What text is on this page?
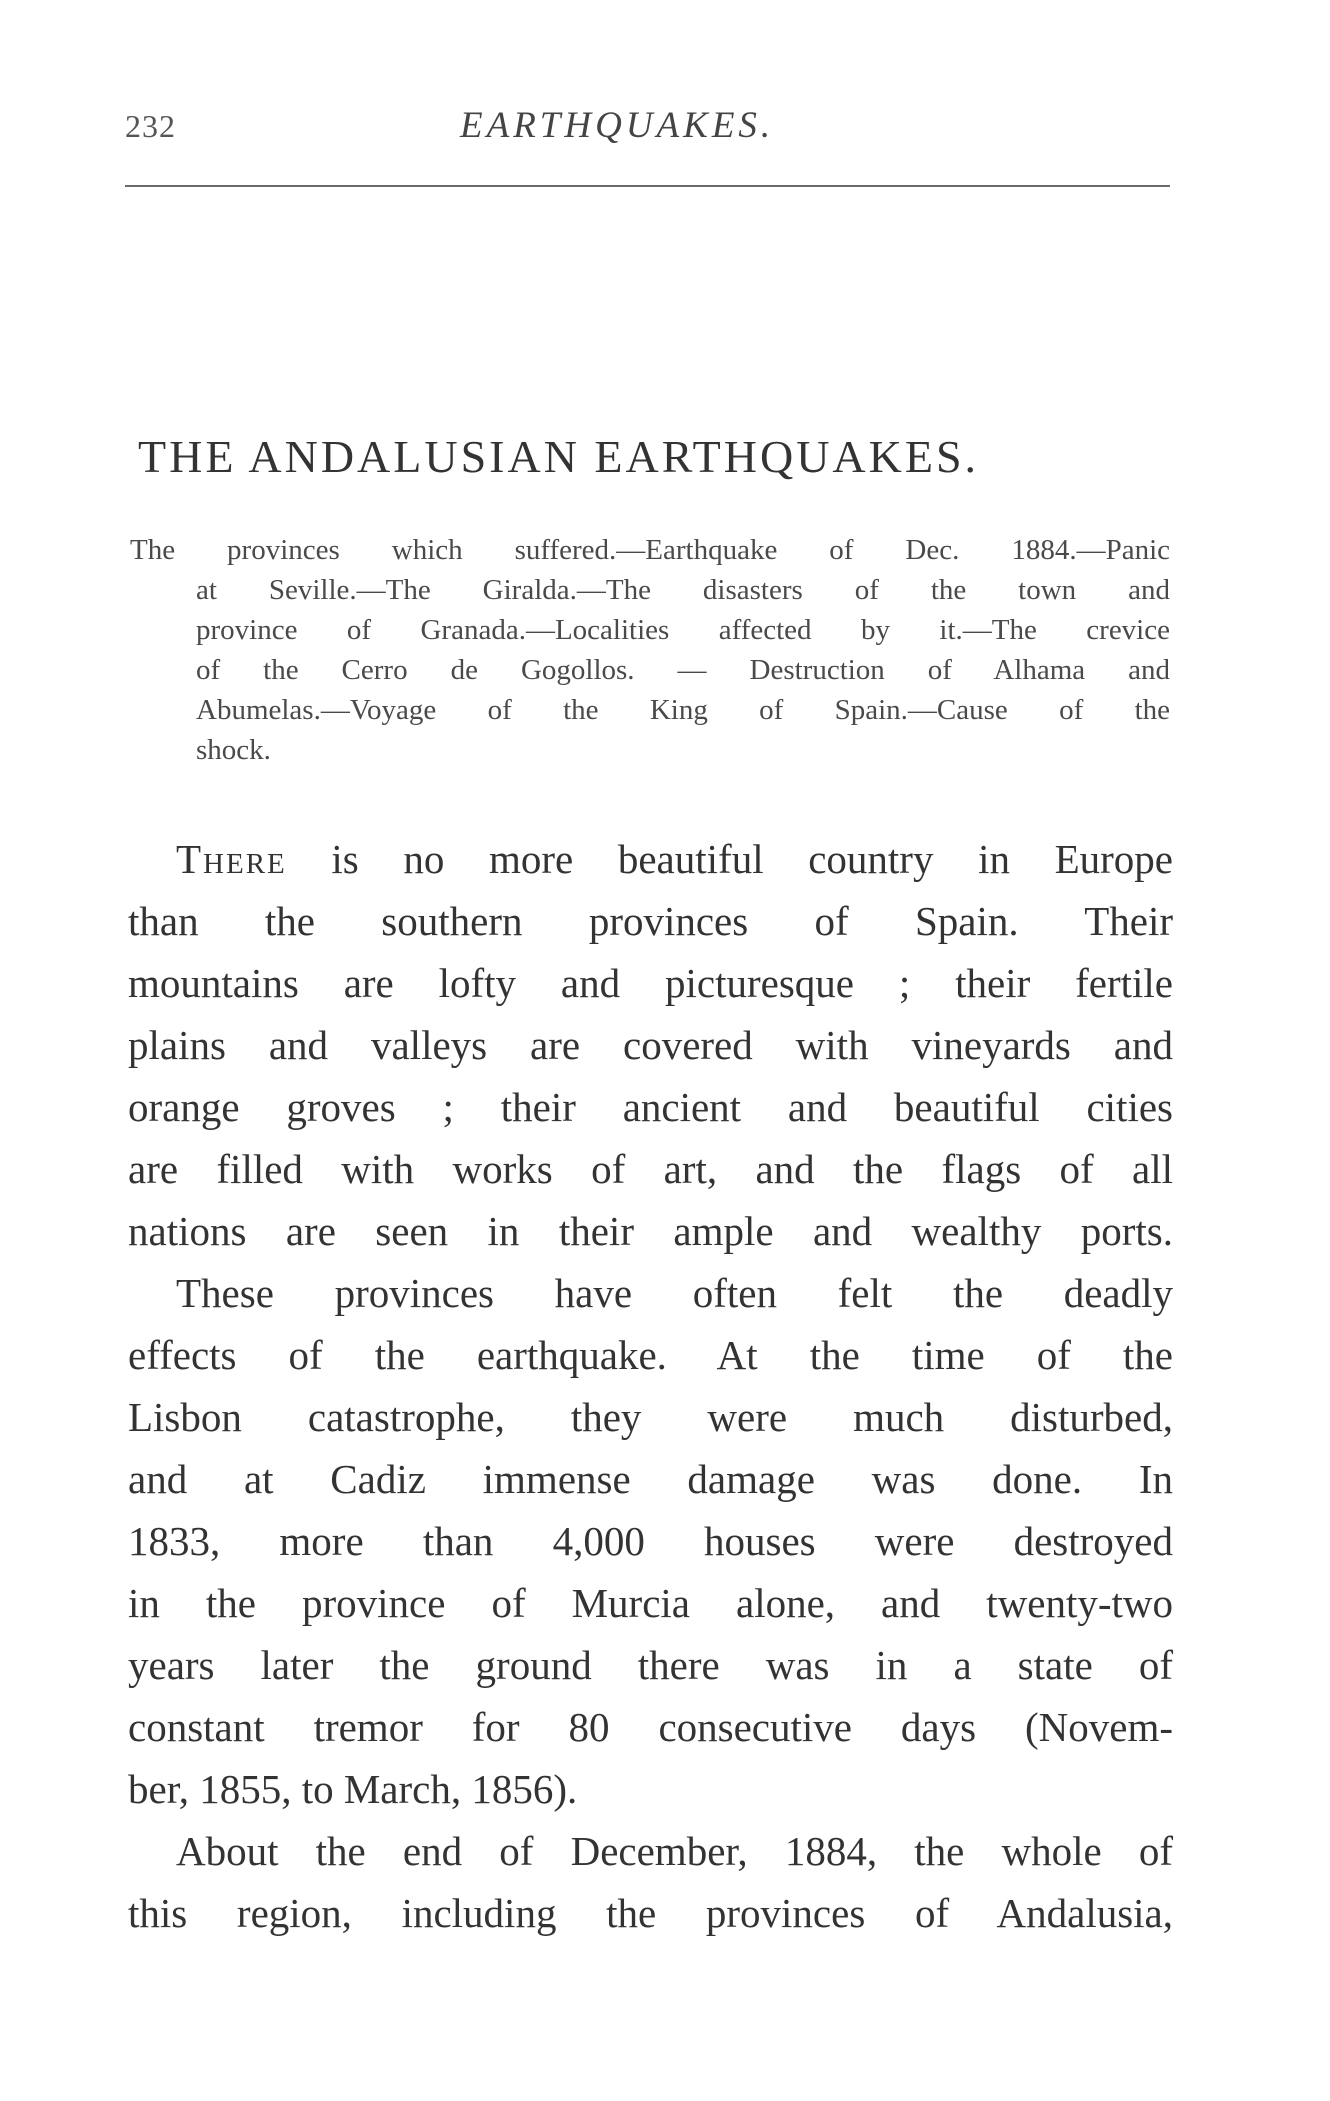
232	EARTHQUAKES.
THE ANDALUSIAN EARTHQUAKES.
The provinces which suffered.—Earthquake of Dec. 1884.—Panic
at Seville.—The Giralda.—The disasters of the town and
province of Granada.—Localities affected by it.—The crevice
of the Cerro de Gogollos. — Destruction of Alhama and
Abumelas.—Voyage of the King of Spain.—Cause of the
shock.
There is no more beautiful country in Europe
than the southern provinces of Spain. Their
mountains are lofty and picturesque ; their fertile
plains and valleys are covered with vineyards and
orange groves ; their ancient and beautiful cities
are filled with works of art, and the flags of all
nations are seen in their ample and wealthy ports.
These provinces have often felt the deadly
effects of the earthquake. At the time of the
Lisbon catastrophe, they were much disturbed,
and at Cadiz immense damage was done. In
1833, more than 4,000 houses were destroyed
in the province of Murcia alone, and twenty-two
years later the ground there was in a state of
constant tremor for 80 consecutive days (Novem-
ber, 1855, to March, 1856).
About the end of December, 1884, the whole of
this region, including the provinces of Andalusia,
